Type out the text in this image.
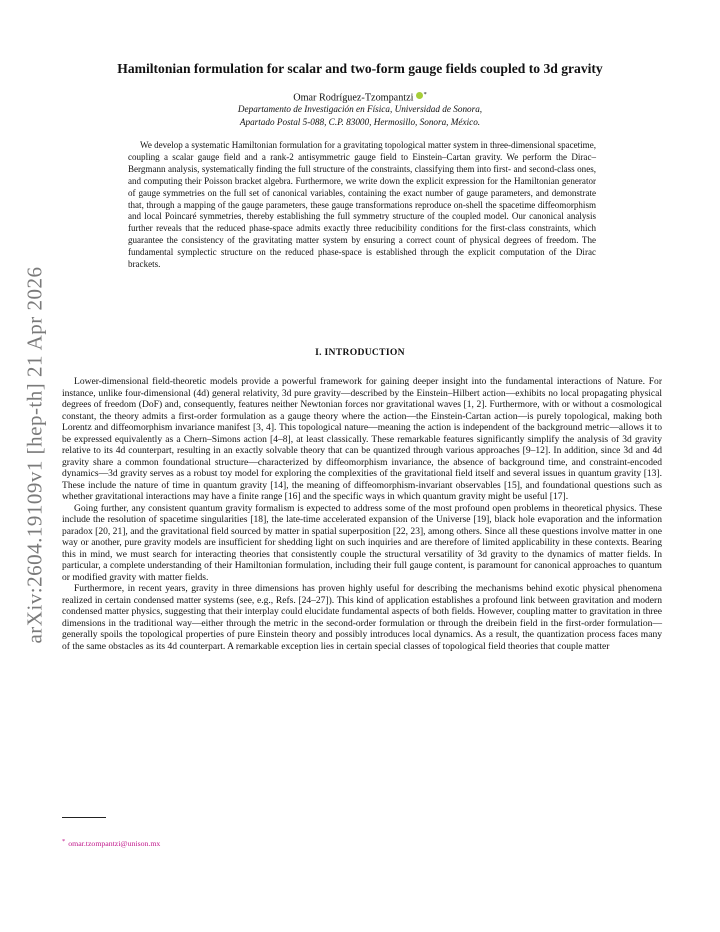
arXiv:2604.19109v1 [hep-th] 21 Apr 2026
Hamiltonian formulation for scalar and two-form gauge fields coupled to 3d gravity
Omar Rodríguez-Tzompantzi *
Departamento de Investigación en Física, Universidad de Sonora,
Apartado Postal 5-088, C.P. 83000, Hermosillo, Sonora, México.
We develop a systematic Hamiltonian formulation for a gravitating topological matter system in three-dimensional spacetime, coupling a scalar gauge field and a rank-2 antisymmetric gauge field to Einstein–Cartan gravity. We perform the Dirac–Bergmann analysis, systematically finding the full structure of the constraints, classifying them into first- and second-class ones, and computing their Poisson bracket algebra. Furthermore, we write down the explicit expression for the Hamiltonian generator of gauge symmetries on the full set of canonical variables, containing the exact number of gauge parameters, and demonstrate that, through a mapping of the gauge parameters, these gauge transformations reproduce on-shell the spacetime diffeomorphism and local Poincaré symmetries, thereby establishing the full symmetry structure of the coupled model. Our canonical analysis further reveals that the reduced phase-space admits exactly three reducibility conditions for the first-class constraints, which guarantee the consistency of the gravitating matter system by ensuring a correct count of physical degrees of freedom. The fundamental symplectic structure on the reduced phase-space is established through the explicit computation of the Dirac brackets.
I. INTRODUCTION

Lower-dimensional field-theoretic models provide a powerful framework for gaining deeper insight into the fundamental interactions of Nature. For instance, unlike four-dimensional (4d) general relativity, 3d pure gravity—described by the Einstein–Hilbert action—exhibits no local propagating physical degrees of freedom (DoF) and, consequently, features neither Newtonian forces nor gravitational waves [1, 2]. Furthermore, with or without a cosmological constant, the theory admits a first-order formulation as a gauge theory where the action—the Einstein-Cartan action—is purely topological, making both Lorentz and diffeomorphism invariance manifest [3, 4]. This topological nature—meaning the action is independent of the background metric—allows it to be expressed equivalently as a Chern–Simons action [4–8], at least classically. These remarkable features significantly simplify the analysis of 3d gravity relative to its 4d counterpart, resulting in an exactly solvable theory that can be quantized through various approaches [9–12]. In addition, since 3d and 4d gravity share a common foundational structure—characterized by diffeomorphism invariance, the absence of background time, and constraint-encoded dynamics—3d gravity serves as a robust toy model for exploring the complexities of the gravitational field itself and several issues in quantum gravity [13]. These include the nature of time in quantum gravity [14], the meaning of diffeomorphism-invariant observables [15], and foundational questions such as whether gravitational interactions may have a finite range [16] and the specific ways in which quantum gravity might be useful [17].

Going further, any consistent quantum gravity formalism is expected to address some of the most profound open problems in theoretical physics. These include the resolution of spacetime singularities [18], the late-time accelerated expansion of the Universe [19], black hole evaporation and the information paradox [20, 21], and the gravitational field sourced by matter in spatial superposition [22, 23], among others. Since all these questions involve matter in one way or another, pure gravity models are insufficient for shedding light on such inquiries and are therefore of limited applicability in these contexts. Bearing this in mind, we must search for interacting theories that consistently couple the structural versatility of 3d gravity to the dynamics of matter fields. In particular, a complete understanding of their Hamiltonian formulation, including their full gauge content, is paramount for canonical approaches to quantum or modified gravity with matter fields.

Furthermore, in recent years, gravity in three dimensions has proven highly useful for describing the mechanisms behind exotic physical phenomena realized in certain condensed matter systems (see, e.g., Refs. [24–27]). This kind of application establishes a profound link between gravitation and modern condensed matter physics, suggesting that their interplay could elucidate fundamental aspects of both fields. However, coupling matter to gravitation in three dimensions in the traditional way—either through the metric in the second-order formulation or through the dreibein field in the first-order formulation—generally spoils the topological properties of pure Einstein theory and possibly introduces local dynamics. As a result, the quantization process faces many of the same obstacles as its 4d counterpart. A remarkable exception lies in certain special classes of topological field theories that couple matter

* omar.tzompantzi@unison.mx
